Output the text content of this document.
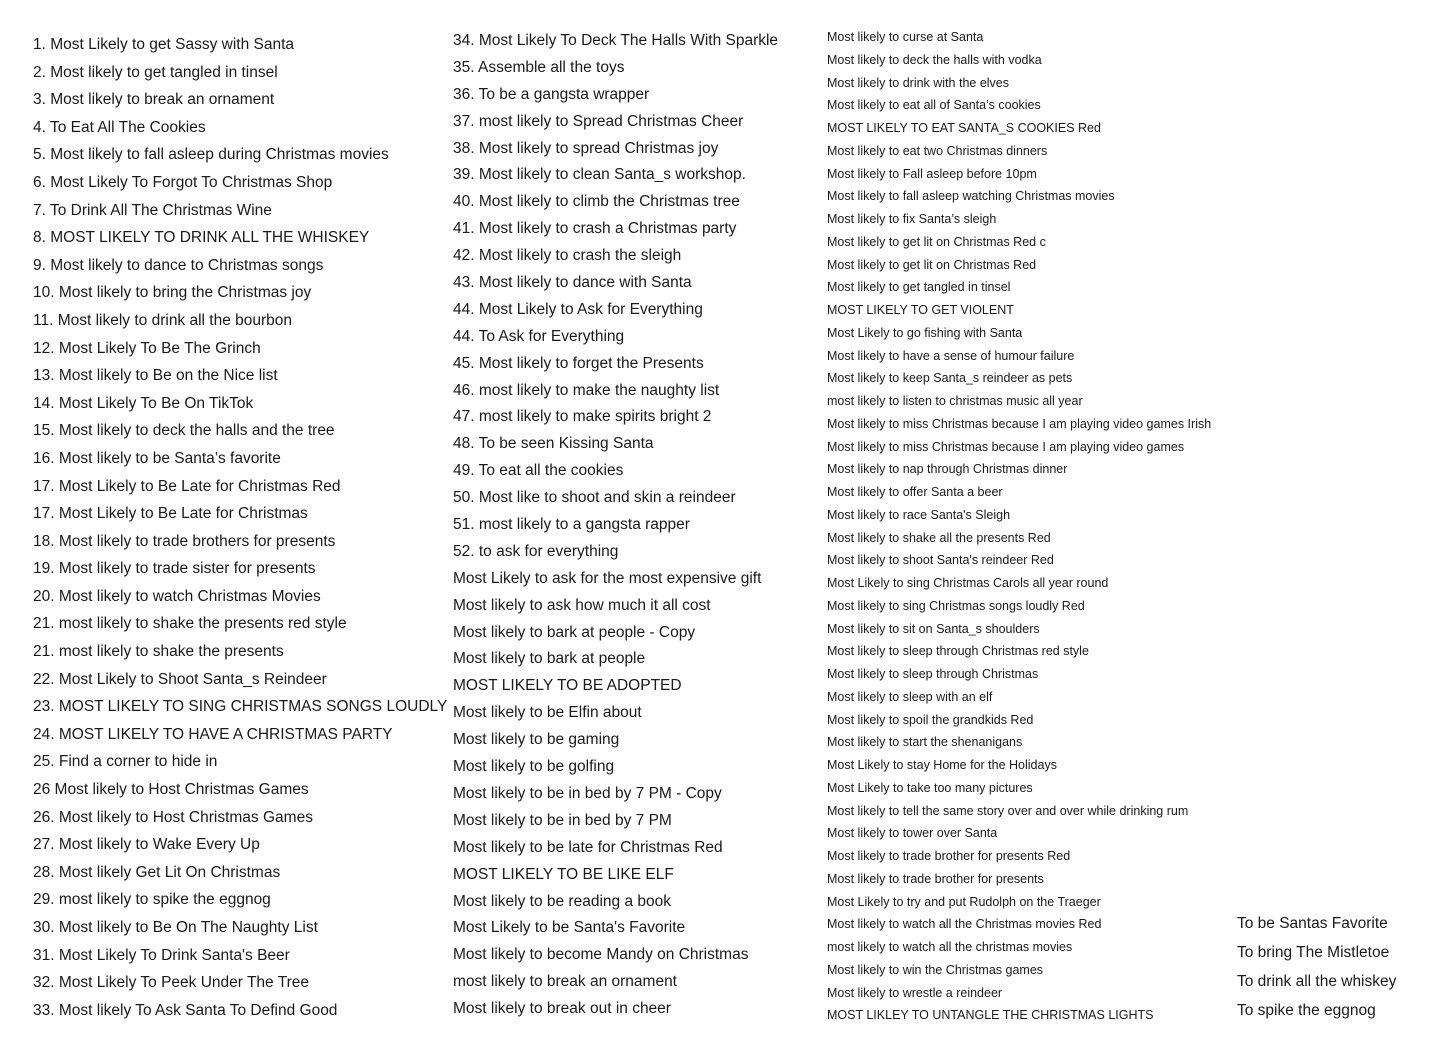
1. Most Likely to get Sassy with Santa
2. Most likely to get tangled in tinsel
3. Most likely to break an ornament
4. To Eat All The Cookies
5. Most likely to fall asleep during Christmas movies
6. Most Likely To Forgot To Christmas Shop
7. To Drink All The Christmas Wine
8. MOST LIKELY TO DRINK ALL THE WHISKEY
9. Most likely to dance to Christmas songs
10. Most likely to bring the Christmas joy
11. Most likely to drink all the bourbon
12. Most Likely To Be The Grinch
13. Most likely to Be on the Nice list
14. Most Likely To Be On TikTok
15. Most likely to deck the halls and the tree
16. Most likely to be Santa’s favorite
17. Most Likely to Be Late for Christmas Red
17. Most Likely to Be Late for Christmas
18. Most likely to trade brothers for presents
19. Most likely to trade sister for presents
20. Most likely to watch Christmas Movies
21. most likely to shake the presents red style
21. most likely to shake the presents
22. Most Likely to Shoot Santa_s Reindeer
23. MOST LIKELY TO SING CHRISTMAS SONGS LOUDLY
24. MOST LIKELY TO HAVE A CHRISTMAS PARTY
25. Find a corner to hide in
26 Most likely to Host Christmas Games
26. Most likely to Host Christmas Games
27. Most likely to Wake Every Up
28. Most likely Get Lit On Christmas
29. most likely to spike the eggnog
30. Most likely to Be On The Naughty List
31. Most Likely To Drink Santa's Beer
32. Most Likely To Peek Under The Tree
33. Most likely To Ask Santa To Defind Good
34. Most Likely To Deck The Halls With Sparkle
35. Assemble all the toys
36. To be a gangsta wrapper
37. most likely to Spread Christmas Cheer
38. Most likely to spread Christmas joy
39. Most likely to clean Santa_s workshop.
40. Most likely to climb the Christmas tree
41. Most likely to crash a Christmas party
42. Most likely to crash the sleigh
43. Most likely to dance with Santa
44. Most Likely to Ask for Everything
44. To Ask for Everything
45. Most likely to forget the Presents
46. most likely to make the naughty list
47. most likely to make spirits bright 2
48. To be seen Kissing Santa
49. To eat all the cookies
50. Most like to shoot and skin a reindeer
51. most likely to a gangsta rapper
52. to ask for everything
Most Likely to ask for the most expensive gift
Most likely to ask how much it all cost
Most likely to bark at people - Copy
Most likely to bark at people
MOST LIKELY TO BE ADOPTED
Most likely to be Elfin about
Most likely to be gaming
Most likely to be golfing
Most likely to be in bed by 7 PM - Copy
Most likely to be in bed by 7 PM
Most likely to be late for Christmas Red
MOST LIKELY TO BE LIKE ELF
Most likely to be reading a book
Most Likely to be Santa's Favorite
Most likely to become Mandy on Christmas
most likely to break an ornament
Most likely to break out in cheer
Most likely to curse at Santa
Most likely to deck the halls with vodka
Most likely to drink with the elves
Most likely to eat all of Santa’s cookies
MOST LIKELY TO EAT SANTA_S COOKIES Red
Most likely to eat two Christmas dinners
Most likely to Fall asleep before 10pm
Most likely to fall asleep watching Christmas movies
Most likely to fix Santa’s sleigh
Most likely to get lit on Christmas Red c
Most likely to get lit on Christmas Red
Most likely to get tangled in tinsel
MOST LIKELY TO GET VIOLENT
Most Likely to go fishing with Santa
Most likely to have a sense of humour failure
Most likely to keep Santa_s reindeer as pets
most likely to listen to christmas music all year
Most likely to miss Christmas because I am playing video games Irish
Most likely to miss Christmas because I am playing video games
Most likely to nap through Christmas dinner
Most likely to offer Santa a beer
Most likely to race Santa's Sleigh
Most likely to shake all the presents Red
Most likely to shoot Santa's reindeer Red
Most Likely to sing Christmas Carols all year round
Most likely to sing Christmas songs loudly Red
Most likely to sit on Santa_s shoulders
Most likely to sleep through Christmas red style
Most likely to sleep through Christmas
Most likely to sleep with an elf
Most likely to spoil the grandkids Red
Most likely to start the shenanigans
Most Likely to stay Home for the Holidays
Most Likely to take too many pictures
Most likely to tell the same story over and over while drinking rum
Most likely to tower over Santa
Most likely to trade brother for presents Red
Most likely to trade brother for presents
Most Likely to try and put Rudolph on the Traeger
Most likely to watch all the Christmas movies Red
most likely to watch all the christmas movies
Most likely to win the Christmas games
Most likely to wrestle a reindeer
MOST LIKLEY TO UNTANGLE THE CHRISTMAS LIGHTS
To be Santas Favorite
To bring The Mistletoe
To drink all the whiskey
To spike the eggnog
